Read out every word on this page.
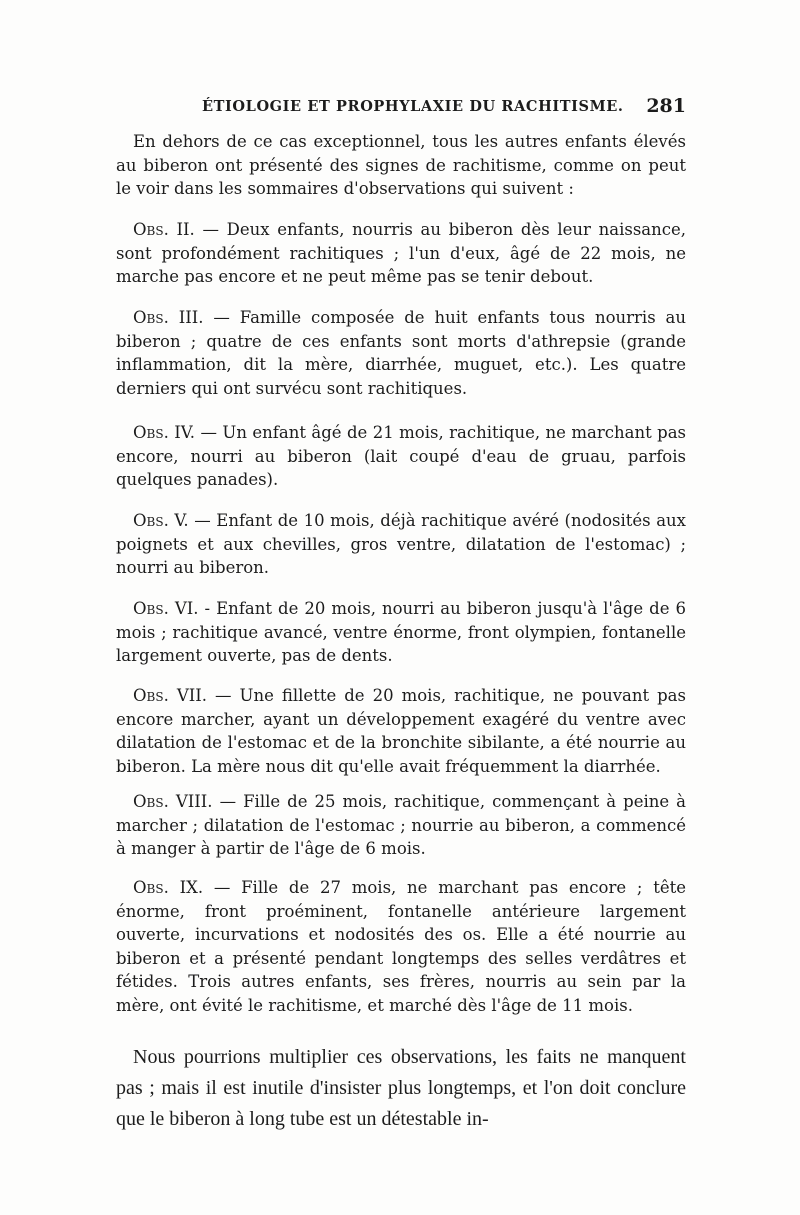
ÉTIOLOGIE ET PROPHYLAXIE DU RACHITISME. 281

En dehors de ce cas exceptionnel, tous les autres enfants élevés au biberon ont présenté des signes de rachitisme, comme on peut le voir dans les sommaires d'observations qui suivent :

Obs. II. — Deux enfants, nourris au biberon dès leur naissance, sont profondément rachitiques ; l'un d'eux, âgé de 22 mois, ne marche pas encore et ne peut même pas se tenir debout.

Obs. III. — Famille composée de huit enfants tous nourris au biberon ; quatre de ces enfants sont morts d'athrepsie (grande inflammation, dit la mère, diarrhée, muguet, etc.). Les quatre derniers qui ont survécu sont rachitiques.

Obs. IV. — Un enfant âgé de 21 mois, rachitique, ne marchant pas encore, nourri au biberon (lait coupé d'eau de gruau, parfois quelques panades).

Obs. V. — Enfant de 10 mois, déjà rachitique avéré (nodosités aux poignets et aux chevilles, gros ventre, dilatation de l'estomac) ; nourri au biberon.

Obs. VI. - Enfant de 20 mois, nourri au biberon jusqu'à l'âge de 6 mois ; rachitique avancé, ventre énorme, front olympien, fontanelle largement ouverte, pas de dents.

Obs. VII. — Une fillette de 20 mois, rachitique, ne pouvant pas encore marcher, ayant un développement exagéré du ventre avec dilatation de l'estomac et de la bronchite sibilante, a été nourrie au biberon. La mère nous dit qu'elle avait fréquemment la diarrhée.

Obs. VIII. — Fille de 25 mois, rachitique, commençant à peine à marcher ; dilatation de l'estomac ; nourrie au biberon, a commencé à manger à partir de l'âge de 6 mois.

Obs. IX. — Fille de 27 mois, ne marchant pas encore ; tête énorme, front proéminent, fontanelle antérieure largement ouverte, incurvations et nodosités des os. Elle a été nourrie au biberon et a présenté pendant longtemps des selles verdâtres et fétides. Trois autres enfants, ses frères, nourris au sein par la mère, ont évité le rachitisme, et marché dès l'âge de 11 mois.

Nous pourrions multiplier ces observations, les faits ne manquent pas ; mais il est inutile d'insister plus longtemps, et l'on doit conclure que le biberon à long tube est un détestable in-
